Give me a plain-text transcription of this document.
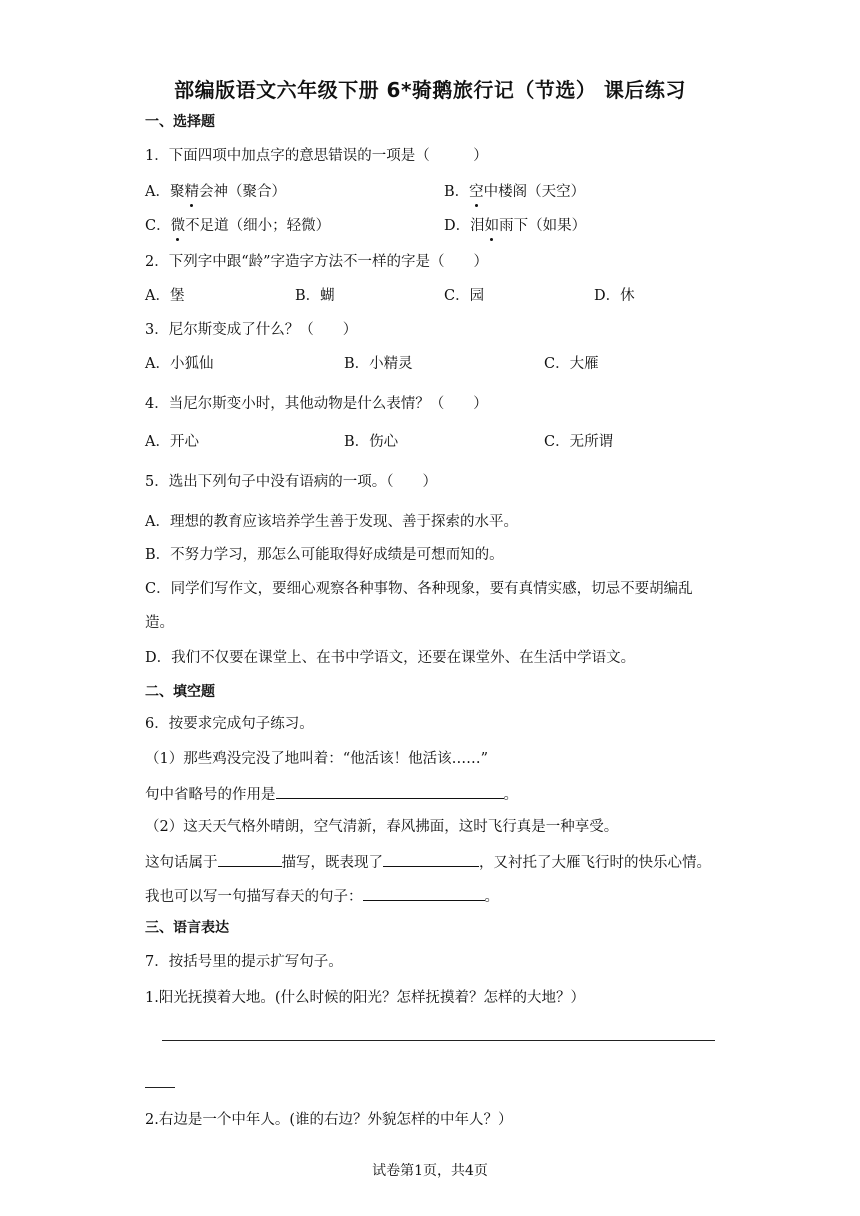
部编版语文六年级下册 6*骑鹅旅行记（节选） 课后练习
一、选择题
1．下面四项中加点字的意思错误的一项是（　　　）
A．聚精会神（聚合）	B．空中楼阁（天空）
C．微不足道（细小；轻微）	D．泪如雨下（如果）
2．下列字中跟“龄”字造字方法不一样的字是（　　）
A．堡	B．蝴	C．园	D．休
3．尼尔斯变成了什么？（　　）
A．小狐仙	B．小精灵	C．大雁
4．当尼尔斯变小时，其他动物是什么表情？（　　）
A．开心	B．伤心	C．无所谓
5．选出下列句子中没有语病的一项。（　　）
A．理想的教育应该培养学生善于发现、善于探索的水平。
B．不努力学习，那怎么可能取得好成绩是可想而知的。
C．同学们写作文，要细心观察各种事物、各种现象，要有真情实感，切忌不要胡编乱
造。
D．我们不仅要在课堂上、在书中学语文，还要在课堂外、在生活中学语文。
二、填空题
6．按要求完成句子练习。
（1）那些鸡没完没了地叫着：“他活该！他活该……”
句中省略号的作用是	。
（2）这天天气格外晴朗，空气清新，春风拂面，这时飞行真是一种享受。
这句话属于	描写，既表现了	，又衬托了大雁飞行时的快乐心情。
我也可以写一句描写春天的句子：	。
三、语言表达
7．按括号里的提示扩写句子。
1.阳光抚摸着大地。(什么时候的阳光？怎样抚摸着？怎样的大地？）
2.右边是一个中年人。(谁的右边？外貌怎样的中年人？）
试卷第1页，共4页
